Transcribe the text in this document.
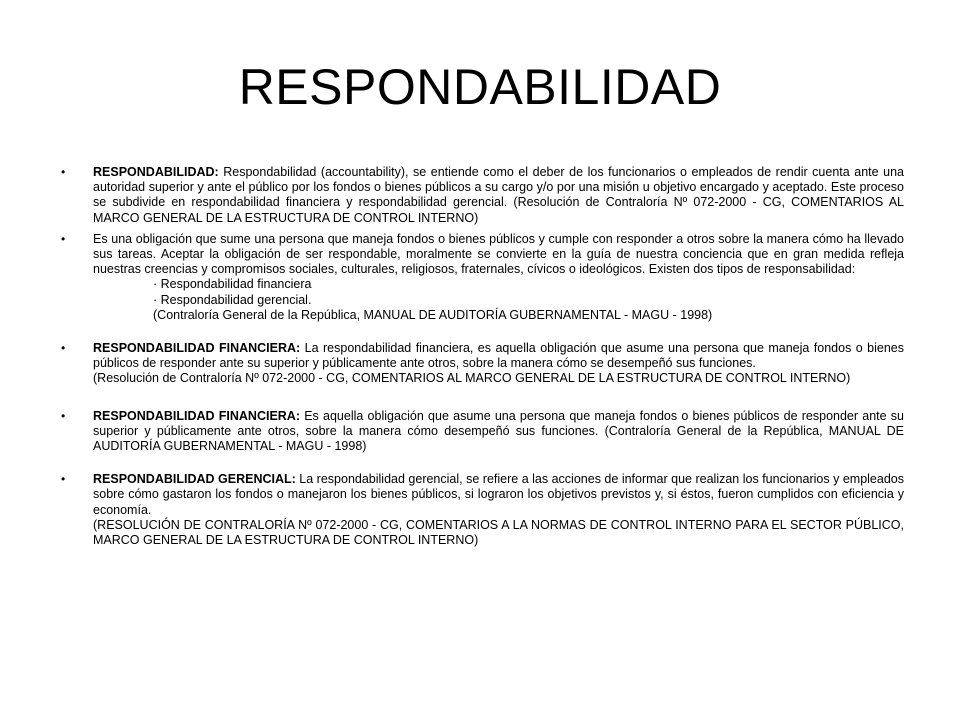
RESPONDABILIDAD
• RESPONDABILIDAD: Respondabilidad (accountability), se entiende como el deber de los funcionarios o empleados de rendir cuenta ante una autoridad superior y ante el público por los fondos o bienes públicos a su cargo y/o por una misión u objetivo encargado y aceptado. Este proceso se subdivide en respondabilidad financiera y respondabilidad gerencial. (Resolución de Contraloría Nº 072-2000 - CG, COMENTARIOS AL MARCO GENERAL DE LA ESTRUCTURA DE CONTROL INTERNO)

• Es una obligación que sume una persona que maneja fondos o bienes públicos y cumple con responder a otros sobre la manera cómo ha llevado sus tareas. Aceptar la obligación de ser respondable, moralmente se convierte en la guía de nuestra conciencia que en gran medida refleja nuestras creencias y compromisos sociales, culturales, religiosos, fraternales, cívicos o ideológicos. Existen dos tipos de responsabilidad:

· Respondabilidad financiera
· Respondabilidad gerencial.
(Contraloría General de la República, MANUAL DE AUDITORÍA GUBERNAMENTAL - MAGU - 1998)
• RESPONDABILIDAD FINANCIERA: La respondabilidad financiera, es aquella obligación que asume una persona que maneja fondos o bienes públicos de responder ante su superior y públicamente ante otros, sobre la manera cómo se desempeñó sus funciones.

(Resolución de Contraloría Nº 072-2000 - CG, COMENTARIOS AL MARCO GENERAL DE LA ESTRUCTURA DE CONTROL INTERNO)

• RESPONDABILIDAD FINANCIERA: Es aquella obligación que asume una persona que maneja fondos o bienes públicos de responder ante su superior y públicamente ante otros, sobre la manera cómo desempeñó sus funciones. (Contraloría General de la República, MANUAL DE AUDITORÍA GUBERNAMENTAL - MAGU - 1998)

• RESPONDABILIDAD GERENCIAL: La respondabilidad gerencial, se refiere a las acciones de informar que realizan los funcionarios y empleados sobre cómo gastaron los fondos o manejaron los bienes públicos, si lograron los objetivos previstos y, si éstos, fueron cumplidos con eficiencia y economía.

(RESOLUCIÓN DE CONTRALORÍA Nº 072-2000 - CG, COMENTARIOS A LA NORMAS DE CONTROL INTERNO PARA EL SECTOR PÚBLICO, MARCO GENERAL DE LA ESTRUCTURA DE CONTROL INTERNO)
